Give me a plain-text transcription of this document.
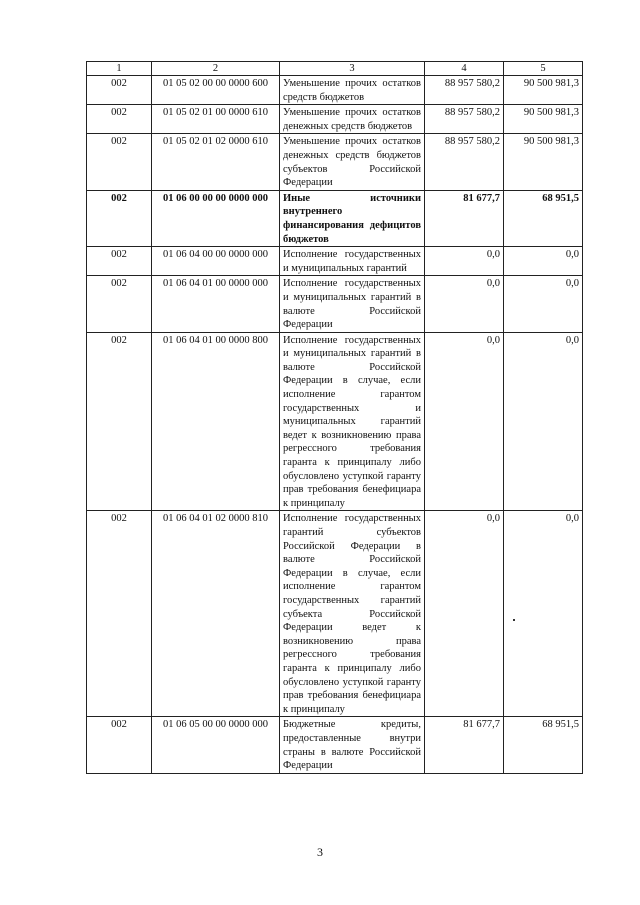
1	2	3	4	5
002	01 05 02 00 00 0000 600	Уменьшение прочих остатков средств бюджетов	88 957 580,2	90 500 981,3
002	01 05 02 01 00 0000 610	Уменьшение прочих остатков денежных средств бюджетов	88 957 580,2	90 500 981,3
002	01 05 02 01 02 0000 610	Уменьшение прочих остатков денежных средств бюджетов субъектов Российской Федерации	88 957 580,2	90 500 981,3
002	01 06 00 00 00 0000 000	Иные источники внутреннего финансирования дефицитов бюджетов	81 677,7	68 951,5
002	01 06 04 00 00 0000 000	Исполнение государственных и муниципальных гарантий	0,0	0,0
002	01 06 04 01 00 0000 000	Исполнение государственных и муниципальных гарантий в валюте Российской Федерации	0,0	0,0
002	01 06 04 01 00 0000 800	Исполнение государственных и муниципальных гарантий в валюте Российской Федерации в случае, если исполнение гарантом государственных и муниципальных гарантий ведет к возникновению права регрессного требования гаранта к принципалу либо обусловлено уступкой гаранту прав требования бенефициара к принципалу	0,0	0,0
002	01 06 04 01 02 0000 810	Исполнение государственных гарантий субъектов Российской Федерации в валюте Российской Федерации в случае, если исполнение гарантом государственных гарантий субъекта Российской Федерации ведет к возникновению права регрессного требования гаранта к принципалу либо обусловлено уступкой гаранту прав требования бенефициара к принципалу	0,0	0,0
002	01 06 05 00 00 0000 000	Бюджетные кредиты, предоставленные внутри страны в валюте Российской Федерации	81 677,7	68 951,5
3
